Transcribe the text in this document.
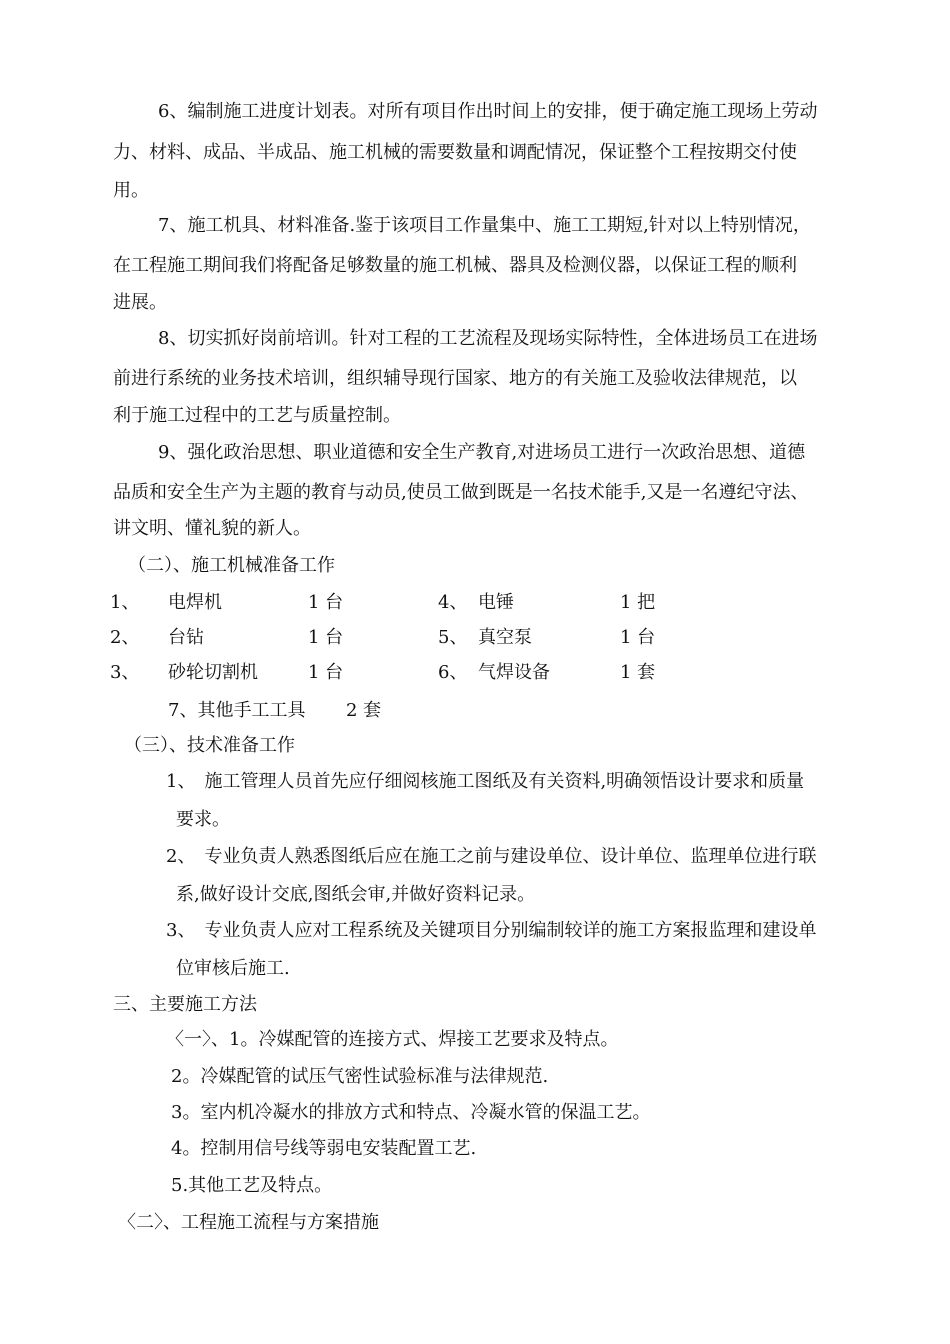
6、编制施工进度计划表。对所有项目作出时间上的安排，便于确定施工现场上劳动
力、材料、成品、半成品、施工机械的需要数量和调配情况，保证整个工程按期交付使
用。
7、施工机具、材料准备.鉴于该项目工作量集中、施工工期短,针对以上特别情况，
在工程施工期间我们将配备足够数量的施工机械、器具及检测仪器，以保证工程的顺利
进展。
8、切实抓好岗前培训。针对工程的工艺流程及现场实际特性，全体进场员工在进场
前进行系统的业务技术培训，组织辅导现行国家、地方的有关施工及验收法律规范，以
利于施工过程中的工艺与质量控制。
9、强化政治思想、职业道德和安全生产教育,对进场员工进行一次政治思想、道德
品质和安全生产为主题的教育与动员,使员工做到既是一名技术能手,又是一名遵纪守法、
讲文明、懂礼貌的新人。
（二）、施工机械准备工作
1、 电焊机	1 台	4、 电锤	1 把
2、 台钻	1 台	5、 真空泵	1 台
3、 砂轮切割机	1 台	6、 气焊设备	1 套
7、其他手工工具 2 套
（三）、技术准备工作
1、　施工管理人员首先应仔细阅核施工图纸及有关资料,明确领悟设计要求和质量
要求。
2、　专业负责人熟悉图纸后应在施工之前与建设单位、设计单位、监理单位进行联
系,做好设计交底,图纸会审,并做好资料记录。
3、　专业负责人应对工程系统及关键项目分别编制较详的施工方案报监理和建设单
位审核后施工.
三、主要施工方法
〈一〉、1。冷媒配管的连接方式、焊接工艺要求及特点。
2。冷媒配管的试压气密性试验标准与法律规范.
3。室内机冷凝水的排放方式和特点、冷凝水管的保温工艺。
4。控制用信号线等弱电安装配置工艺.
5.其他工艺及特点。
〈二〉、工程施工流程与方案措施
